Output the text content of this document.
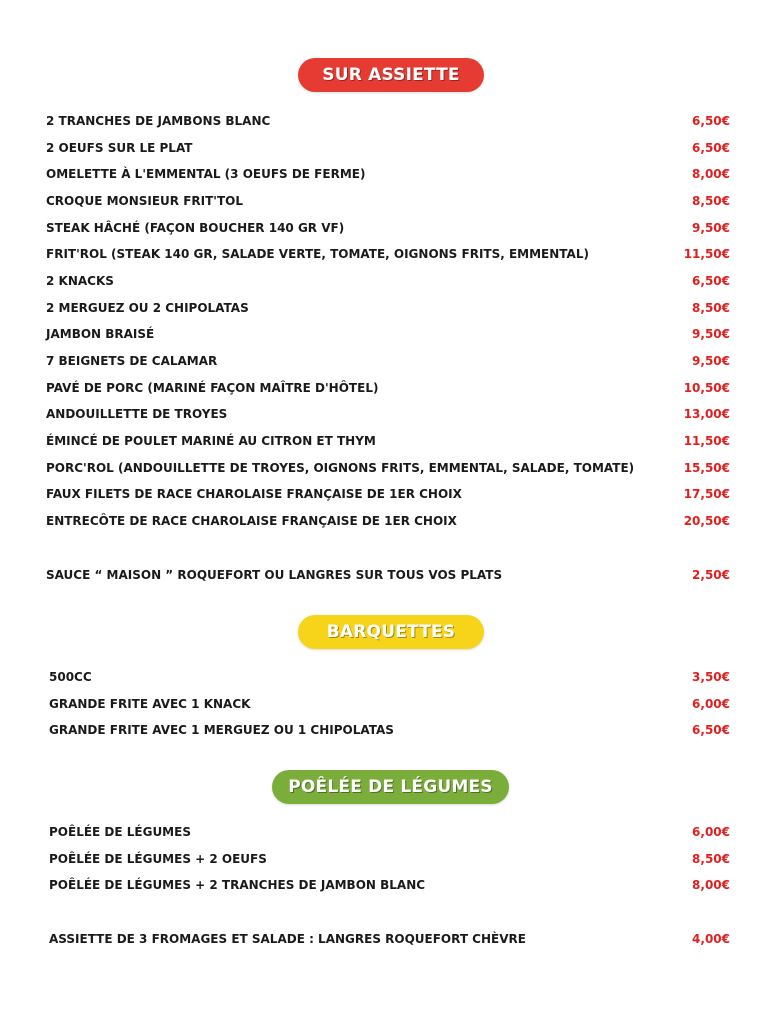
SUR ASSIETTE
2 TRANCHES DE JAMBONS BLANC	6,50€
2 OEUFS SUR LE PLAT	6,50€
OMELETTE À L'EMMENTAL (3 OEUFS DE FERME)	8,00€
CROQUE MONSIEUR FRIT'TOL	8,50€
STEAK HÂCHÉ (FAÇON BOUCHER 140 GR VF)	9,50€
FRIT'ROL (STEAK 140 GR, SALADE VERTE, TOMATE, OIGNONS FRITS, EMMENTAL)	11,50€
2 KNACKS	6,50€
2 MERGUEZ OU 2 CHIPOLATAS	8,50€
JAMBON BRAISÉ	9,50€
7 BEIGNETS DE CALAMAR	9,50€
PAVÉ DE PORC (MARINÉ FAÇON MAÎTRE D'HÔTEL)	10,50€
ANDOUILLETTE DE TROYES	13,00€
ÉMINCÉ DE POULET MARINÉ AU CITRON ET THYM	11,50€
PORC'ROL (ANDOUILLETTE DE TROYES, OIGNONS FRITS, EMMENTAL, SALADE, TOMATE)	15,50€
FAUX FILETS DE RACE CHAROLAISE FRANÇAISE DE 1ER CHOIX	17,50€
ENTRECÔTE DE RACE CHAROLAISE FRANÇAISE DE 1ER CHOIX	20,50€
SAUCE “ MAISON ” ROQUEFORT OU LANGRES SUR TOUS VOS PLATS	2,50€
BARQUETTES
500CC	3,50€
GRANDE FRITE AVEC 1 KNACK	6,00€
GRANDE FRITE AVEC 1 MERGUEZ OU 1 CHIPOLATAS	6,50€
POÊLÉE DE LÉGUMES
POÊLÉE DE LÉGUMES	6,00€
POÊLÉE DE LÉGUMES + 2 OEUFS	8,50€
POÊLÉE DE LÉGUMES + 2 TRANCHES DE JAMBON BLANC	8,00€
ASSIETTE DE 3 FROMAGES ET SALADE : LANGRES ROQUEFORT CHÈVRE	4,00€
